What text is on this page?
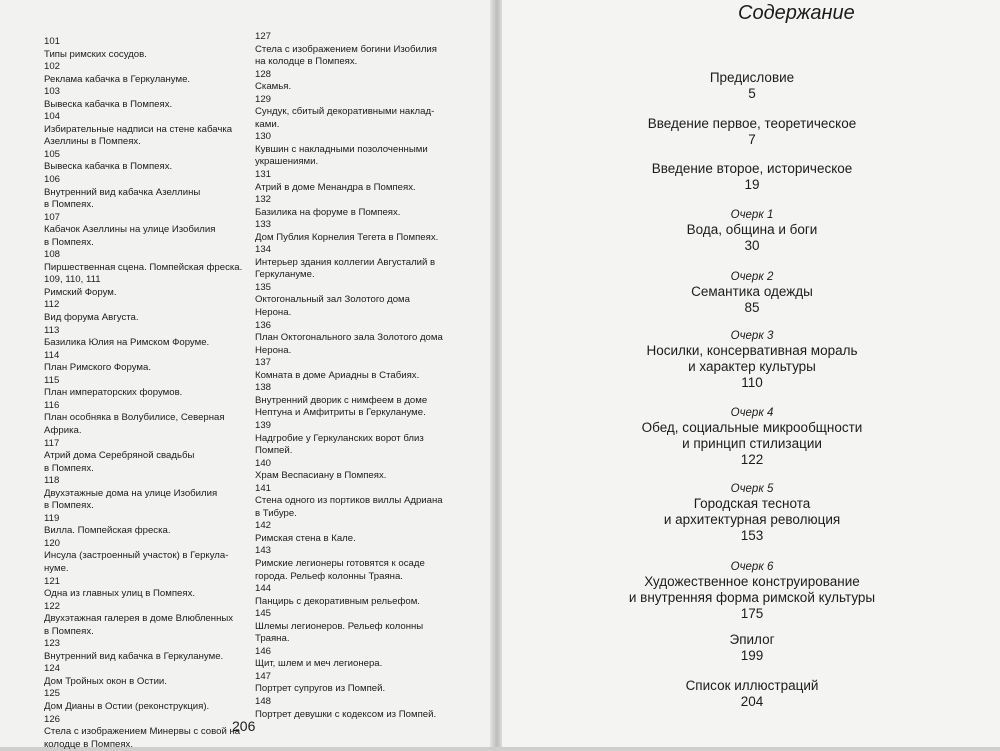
101
Типы римских сосудов.
102
Реклама кабачка в Геркулануме.
103
Вывеска кабачка в Помпеях.
104
Избирательные надписи на стене кабачка
Азеллины в Помпеях.
105
Вывеска кабачка в Помпеях.
106
Внутренний вид кабачка Азеллины
в Помпеях.
107
Кабачок Азеллины на улице Изобилия
в Помпеях.
108
Пиршественная сцена. Помпейская фреска.
109, 110, 111
Римский Форум.
112
Вид форума Августа.
113
Базилика Юлия на Римском Форуме.
114
План Римского Форума.
115
План императорских форумов.
116
План особняка в Волубилисе, Северная
Африка.
117
Атрий дома Серебряной свадьбы
в Помпеях.
118
Двухэтажные дома на улице Изобилия
в Помпеях.
119
Вилла. Помпейская фреска.
120
Инсула (застроенный участок) в Геркула-
нуме.
121
Одна из главных улиц в Помпеях.
122
Двухэтажная галерея в доме Влюбленных
в Помпеях.
123
Внутренний вид кабачка в Геркулануме.
124
Дом Тройных окон в Остии.
125
Дом Дианы в Остии (реконструкция).
126
Стела с изображением Минервы с совой на
колодце в Помпеях.
127
Стела с изображением богини Изобилия
на колодце в Помпеях.
128
Скамья.
129
Сундук, сбитый декоративными наклад-
ками.
130
Кувшин с накладными позолоченными
украшениями.
131
Атрий в доме Менандра в Помпеях.
132
Базилика на форуме в Помпеях.
133
Дом Публия Корнелия Тегета в Помпеях.
134
Интерьер здания коллегии Августалий в
Геркулануме.
135
Октогональный зал Золотого дома
Нерона.
136
План Октогонального зала Золотого дома
Нерона.
137
Комната в доме Ариадны в Стабиях.
138
Внутренний дворик с нимфеем в доме
Нептуна и Амфитриты в Геркулануме.
139
Надгробие у Геркуланских ворот близ
Помпей.
140
Храм Веспасиану в Помпеях.
141
Стена одного из портиков виллы Адриана
в Тибуре.
142
Римская стена в Кале.
143
Римские легионеры готовятся к осаде
города. Рельеф колонны Траяна.
144
Панцирь с декоративным рельефом.
145
Шлемы легионеров. Рельеф колонны
Траяна.
146
Щит, шлем и меч легионера.
147
Портрет супругов из Помпей.
148
Портрет девушки с кодексом из Помпей.
206
Содержание
Предисловие
5
Введение первое, теоретическое
7
Введение второе, историческое
19
Очерк 1
Вода, община и боги
30
Очерк 2
Семантика одежды
85
Очерк 3
Носилки, консервативная мораль
и характер культуры
110
Очерк 4
Обед, социальные микрообщности
и принцип стилизации
122
Очерк 5
Городская теснота
и архитектурная революция
153
Очерк 6
Художественное конструирование
и внутренняя форма римской культуры
175
Эпилог
199
Список иллюстраций
204
